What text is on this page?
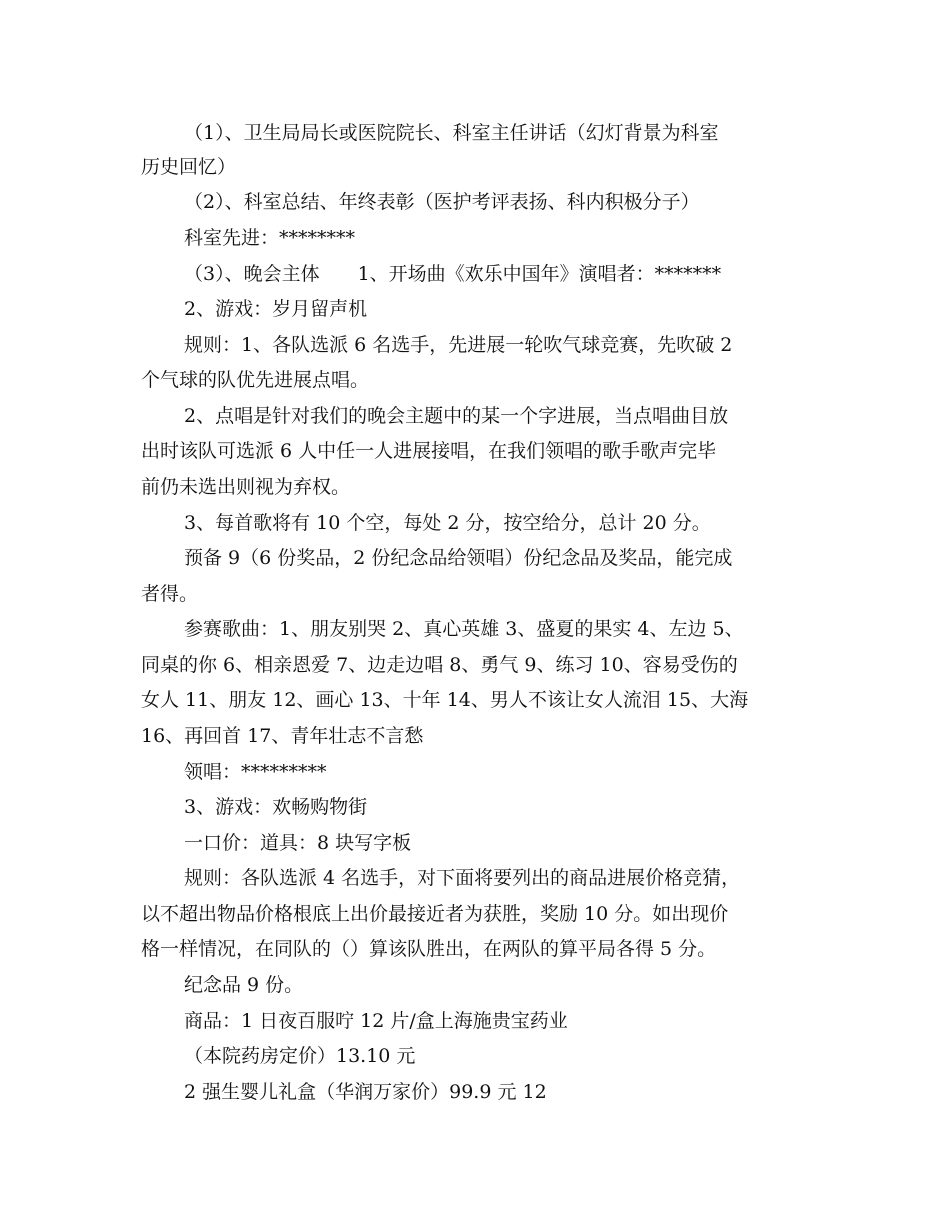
（1）、卫生局局长或医院院长、科室主任讲话（幻灯背景为科室
历史回忆）
（2）、科室总结、年终表彰（医护考评表扬、科内积极分子）
科室先进：********
（3）、晚会主体　　1、开场曲《欢乐中国年》演唱者：*******
2、游戏：岁月留声机
规则：1、各队选派 6 名选手，先进展一轮吹气球竞赛，先吹破 2
个气球的队优先进展点唱。
2、点唱是针对我们的晚会主题中的某一个字进展，当点唱曲目放
出时该队可选派 6 人中任一人进展接唱，在我们领唱的歌手歌声完毕
前仍未选出则视为弃权。
3、每首歌将有 10 个空，每处 2 分，按空给分，总计 20 分。
预备 9（6 份奖品，2 份纪念品给领唱）份纪念品及奖品，能完成
者得。
参赛歌曲：1、朋友别哭 2、真心英雄 3、盛夏的果实 4、左边 5、
同桌的你 6、相亲恩爱 7、边走边唱 8、勇气 9、练习 10、容易受伤的
女人 11、朋友 12、画心 13、十年 14、男人不该让女人流泪 15、大海
16、再回首 17、青年壮志不言愁
领唱：*********
3、游戏：欢畅购物街
一口价：道具：8 块写字板
规则：各队选派 4 名选手，对下面将要列出的商品进展价格竞猜，
以不超出物品价格根底上出价最接近者为获胜，奖励 10 分。如出现价
格一样情况，在同队的（）算该队胜出，在两队的算平局各得 5 分。
纪念品 9 份。
商品：1 日夜百服咛 12 片/盒上海施贵宝药业
（本院药房定价）13.10 元
2 强生婴儿礼盒（华润万家价）99.9 元 12
